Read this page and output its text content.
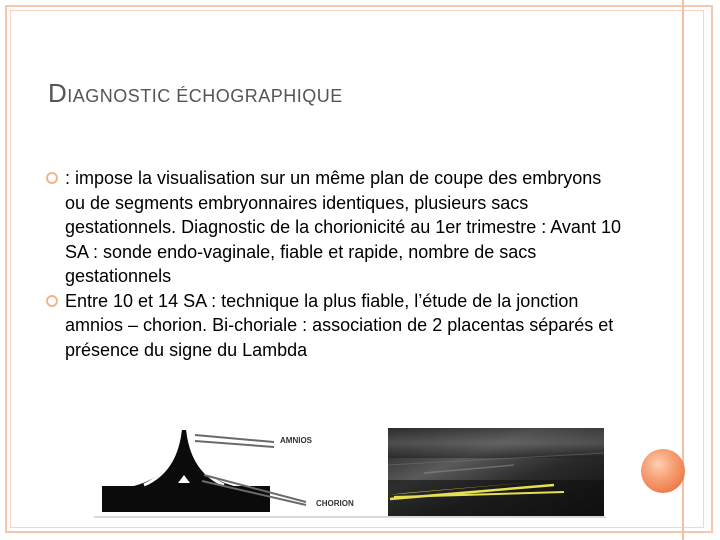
DIAGNOSTIC ÉCHOGRAPHIQUE
: impose la visualisation sur un même plan de coupe des embryons ou de segments embryonnaires identiques, plusieurs sacs gestationnels. Diagnostic de la chorionicité au 1er trimestre : Avant 10 SA : sonde endo-vaginale, fiable et rapide, nombre de sacs gestationnels
Entre 10 et 14 SA : technique la plus fiable, l’étude de la jonction amnios – chorion. Bi-choriale : association de 2 placentas séparés et présence du signe du Lambda
AMNIOS
CHORION
